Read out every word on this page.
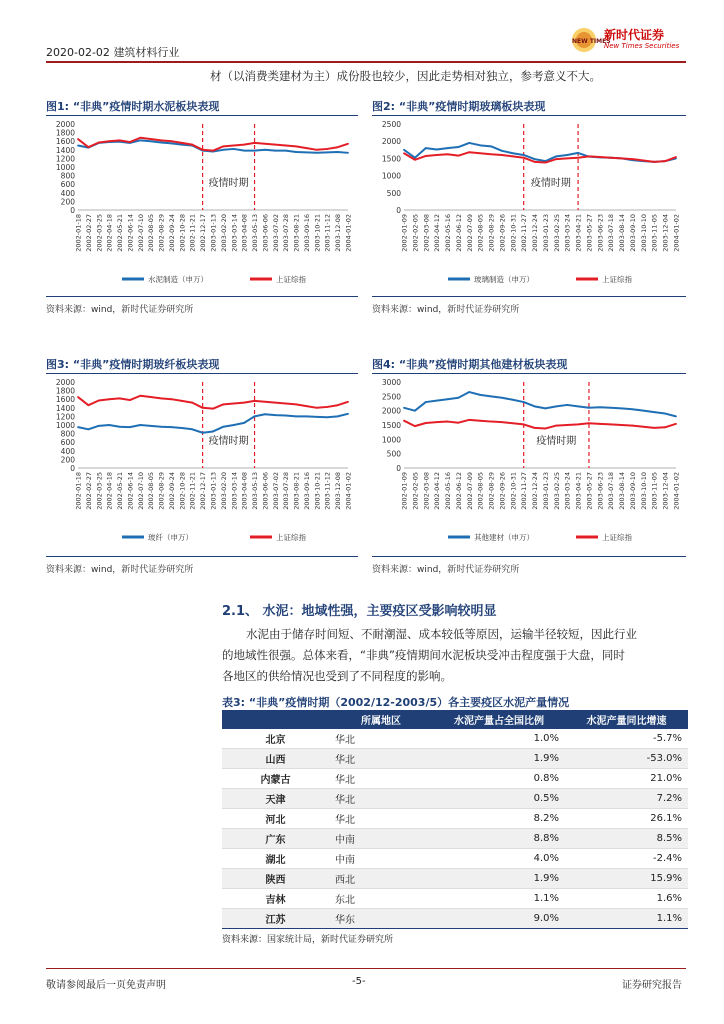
2020-02-02 建筑材料行业
NEW TIMES
新时代证券
New Times Securities
材（以消费类建材为主）成份股也较少，因此走势相对独立，参考意义不大。
图1: “非典”疫情时期水泥板块表现	图2: “非典”疫情时期玻璃板块表现
0
200
400
600
800
1000
1200
1400
1600
1800
2000
2002-01-18 2002-02-27 2002-03-25 2002-04-18 2002-05-21 2002-06-14 2002-07-10 2002-08-05 2002-08-29 2002-09-24 2002-10-28 2002-11-21 2002-12-17 2003-01-13 2003-02-20 2003-03-14 2003-04-08 2003-05-13 2003-06-06 2003-07-02 2003-07-28 2003-08-21 2003-09-16 2003-10-21 2003-11-12 2003-12-08 2004-01-02
疫情时期
水泥制造（申万）	上证综指
0
500
1000
1500
2000
2500
2002-01-09 2002-02-05 2002-03-08 2002-04-12 2002-05-16 2002-06-12 2002-07-09 2002-08-05 2002-08-29 2002-09-26 2002-10-31 2002-11-27 2002-12-24 2003-01-23 2003-02-25 2003-03-24 2003-04-21 2003-05-27 2003-06-23 2003-07-18 2003-08-14 2003-09-10 2003-10-10 2003-11-05 2003-12-04 2004-01-02
疫情时期
玻璃制造（申万）	上证综指
资料来源：wind，新时代证券研究所	资料来源：wind，新时代证券研究所
图3: “非典”疫情时期玻纤板块表现	图4: “非典”疫情时期其他建材板块表现
0
200
400
600
800
1000
1200
1400
1600
1800
2000
2002-01-18 2002-02-27 2002-03-25 2002-04-18 2002-05-21 2002-06-14 2002-07-10 2002-08-05 2002-08-29 2002-09-24 2002-10-28 2002-11-21 2002-12-17 2003-01-13 2003-02-20 2003-03-14 2003-04-08 2003-05-13 2003-06-06 2003-07-02 2003-07-28 2003-08-21 2003-09-16 2003-10-21 2003-11-12 2003-12-08 2004-01-02
疫情时期
玻纤（申万）	上证综指
0
500
1000
1500
2000
2500
3000
2002-01-09 2002-02-05 2002-03-08 2002-04-12 2002-05-16 2002-06-12 2002-07-09 2002-08-05 2002-08-29 2002-09-26 2002-10-31 2002-11-27 2002-12-24 2003-01-23 2003-02-25 2003-03-24 2003-04-21 2003-05-27 2003-06-23 2003-07-18 2003-08-14 2003-09-10 2003-10-10 2003-11-05 2003-12-04 2004-01-02
疫情时期
其他建材（申万）	上证综指
资料来源：wind，新时代证券研究所	资料来源：wind，新时代证券研究所
2.1、 水泥：地域性强，主要疫区受影响较明显
水泥由于储存时间短、不耐潮湿、成本较低等原因，运输半径较短，因此行业
的地域性很强。总体来看，“非典”疫情期间水泥板块受冲击程度强于大盘，同时
各地区的供给情况也受到了不同程度的影响。
表3: “非典”疫情时期（2002/12-2003/5）各主要疫区水泥产量情况
	所属地区	水泥产量占全国比例	水泥产量同比增速
北京	华北	1.0%	-5.7%
山西	华北	1.9%	-53.0%
内蒙古	华北	0.8%	21.0%
天津	华北	0.5%	7.2%
河北	华北	8.2%	26.1%
广东	中南	8.8%	8.5%
湖北	中南	4.0%	-2.4%
陕西	西北	1.9%	15.9%
吉林	东北	1.1%	1.6%
江苏	华东	9.0%	1.1%
资料来源：国家统计局，新时代证券研究所
敬请参阅最后一页免责声明	-5-	证券研究报告
